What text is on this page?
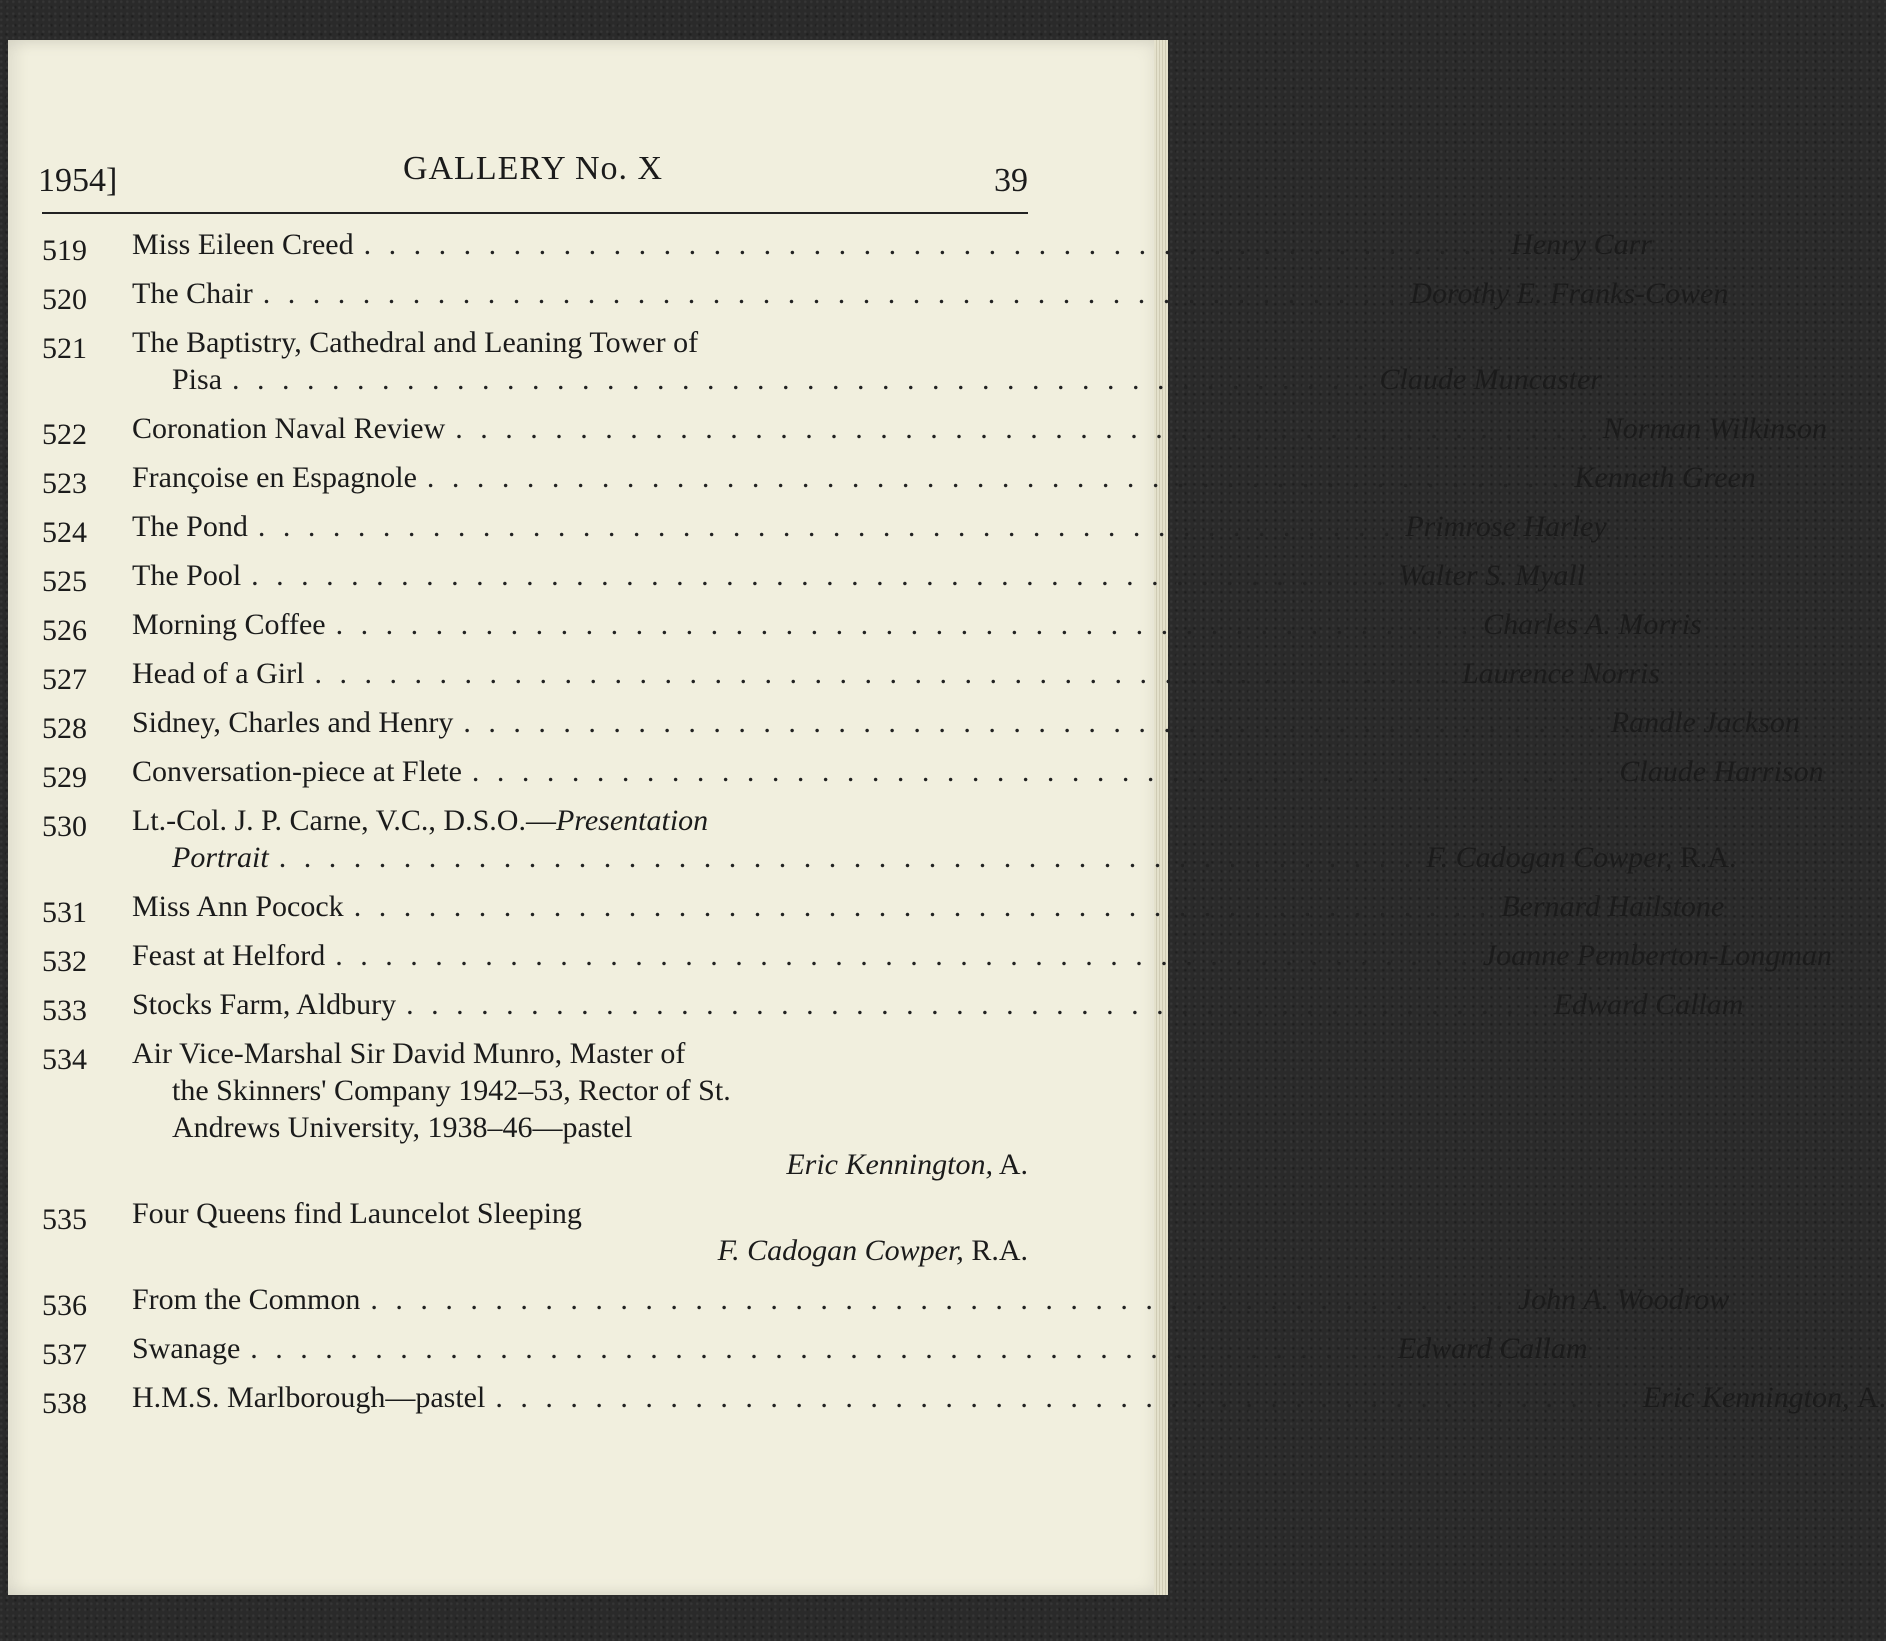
1954]	GALLERY No. X	39
519	Miss Eileen Creed . . . . . . . . . . . . . . . . . . . . . . . . . . . . . . . . . . . . . . . . . . . . . . Henry Carr
520	The Chair . . . . . . . . . . . . . . . . . . . . . . . . . . . . . . . . . . . . . . . . . . . . . . Dorothy E. Franks-Cowen
521	The Baptistry, Cathedral and Leaning Tower of
Pisa . . . . . . . . . . . . . . . . . . . . . . . . . . . . . . . . . . . . . . . . . . . . . . Claude Muncaster
522	Coronation Naval Review . . . . . . . . . . . . . . . . . . . . . . . . . . . . . . . . . . . . . . . . . . . . . . Norman Wilkinson
523	Françoise en Espagnole . . . . . . . . . . . . . . . . . . . . . . . . . . . . . . . . . . . . . . . . . . . . . . Kenneth Green
524	The Pond . . . . . . . . . . . . . . . . . . . . . . . . . . . . . . . . . . . . . . . . . . . . . . Primrose Harley
525	The Pool . . . . . . . . . . . . . . . . . . . . . . . . . . . . . . . . . . . . . . . . . . . . . . Walter S. Myall
526	Morning Coffee . . . . . . . . . . . . . . . . . . . . . . . . . . . . . . . . . . . . . . . . . . . . . . Charles A. Morris
527	Head of a Girl . . . . . . . . . . . . . . . . . . . . . . . . . . . . . . . . . . . . . . . . . . . . . . Laurence Norris
528	Sidney, Charles and Henry . . . . . . . . . . . . . . . . . . . . . . . . . . . . . . . . . . . . . . . . . . . . . . Randle Jackson
529	Conversation-piece at Flete . . . . . . . . . . . . . . . . . . . . . . . . . . . . . . . . . . . . . . . . . . . . . . Claude Harrison
530	Lt.-Col. J. P. Carne, V.C., D.S.O.—Presentation
Portrait . . . . . . . . . . . . . . . . . . . . . . . . . . . . . . . . . . . . . . . . . . . . . . F. Cadogan Cowper, R.A.
531	Miss Ann Pocock . . . . . . . . . . . . . . . . . . . . . . . . . . . . . . . . . . . . . . . . . . . . . . Bernard Hailstone
532	Feast at Helford . . . . . . . . . . . . . . . . . . . . . . . . . . . . . . . . . . . . . . . . . . . . . . Joanne Pemberton-Longman
533	Stocks Farm, Aldbury . . . . . . . . . . . . . . . . . . . . . . . . . . . . . . . . . . . . . . . . . . . . . . Edward Callam
534	Air Vice-Marshal Sir David Munro, Master of
the Skinners' Company 1942–53, Rector of St.
Andrews University, 1938–46—pastel
Eric Kennington, A.
535	Four Queens find Launcelot Sleeping
F. Cadogan Cowper, R.A.
536	From the Common . . . . . . . . . . . . . . . . . . . . . . . . . . . . . . . . . . . . . . . . . . . . . . John A. Woodrow
537	Swanage . . . . . . . . . . . . . . . . . . . . . . . . . . . . . . . . . . . . . . . . . . . . . . Edward Callam
538	H.M.S. Marlborough—pastel . . . . . . . . . . . . . . . . . . . . . . . . . . . . . . . . . . . . . . . . . . . . . . Eric Kennington, A.
